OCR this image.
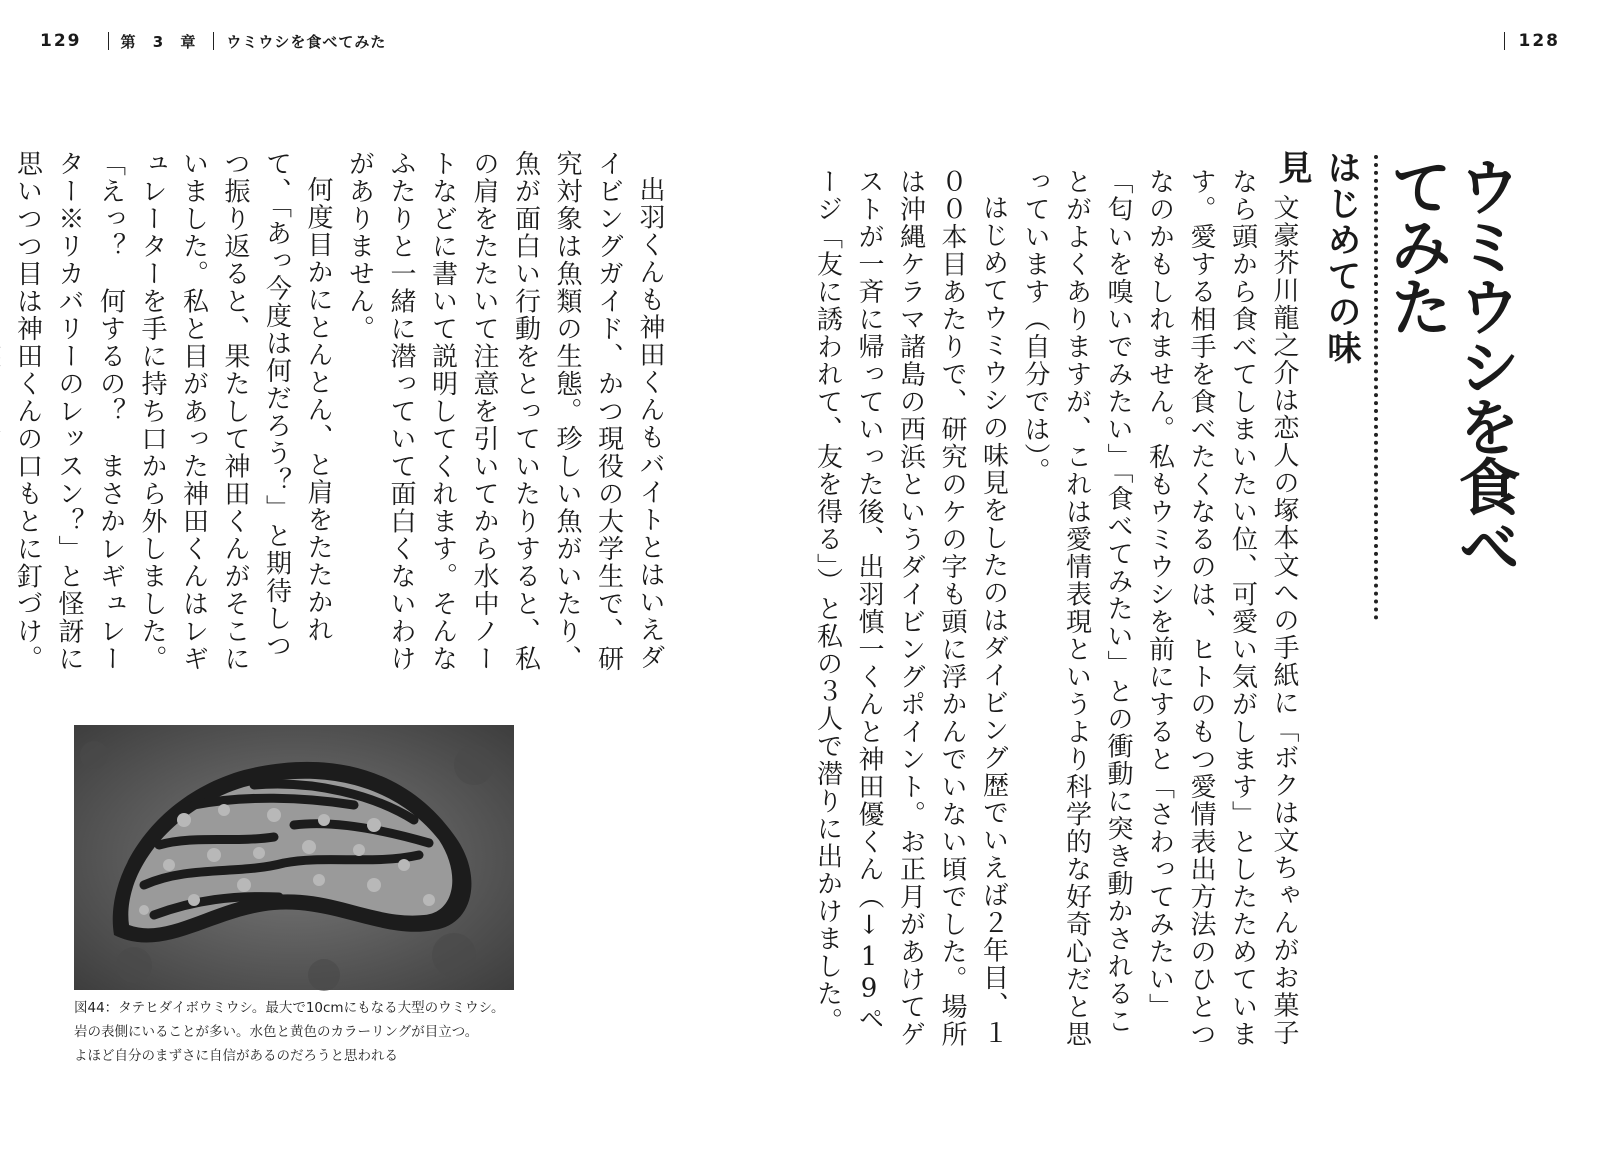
129	第 3 章 ウミウシを食べてみた	128
ウミウシを食べてみた
はじめての味見

文豪芥川龍之介は恋人の塚本文への手紙に「ボクは文ちゃんがお菓子なら頭から食べてしまいたい位、可愛い気がします」としたためています。愛する相手を食べたくなるのは、ヒトのもつ愛情表出方法のひとつなのかもしれません。私もウミウシを前にすると「さわってみたい」「匂いを嗅いでみたい」「食べてみたい」との衝動に突き動かされることがよくありますが、これは愛情表現というより科学的な好奇心だと思っています（自分では）。

はじめてウミウシの味見をしたのはダイビング歴でいえば２年目、１００本目あたりで、研究のケの字も頭に浮かんでいない頃でした。場所は沖縄ケラマ諸島の西浜というダイビングポイント。お正月があけてゲストが一斉に帰っていった後、出羽慎一くんと神田優くん（↓19ページ「友に誘われて、友を得る」）と私の３人で潜りに出かけました。

出羽くんも神田くんもバイトとはいえダイビングガイド、かつ現役の大学生で、研究対象は魚類の生態。珍しい魚がいたり、魚が面白い行動をとっていたりすると、私の肩をたたいて注意を引いてから水中ノートなどに書いて説明してくれます。そんなふたりと一緒に潜っていて面白くないわけがありません。

何度目かにとんとん、と肩をたたかれて、「あっ今度は何だろう？」と期待しつつ振り返ると、果たして神田くんがそこにいました。私と目があった神田くんはレギュレーターを手に持ち口から外しました。「えっ？　何するの？　まさかレギュレーター※リカバリーのレッスン？」と怪訝に思いつつ目は神田くんの口もとに釘づけ。

図44：タテヒダイボウミウシ。最大で10cmにもなる大型のウミウシ。
岩の表側にいることが多い。水色と黄色のカラーリングが目立つ。
よほど自分のまずさに自信があるのだろうと思われる
